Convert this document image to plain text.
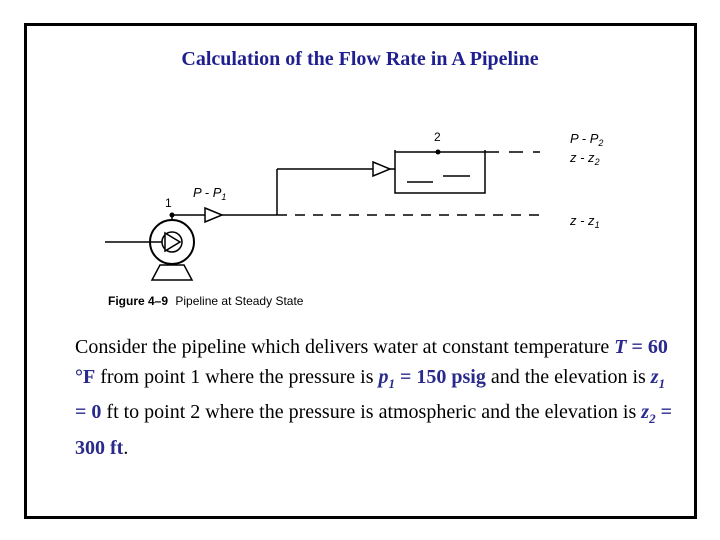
Calculation of the Flow Rate in A Pipeline
1
P - $P_1$
2	P - $P_2$
z - $z_2$
z - $z_1$
Figure 4–9 Pipeline at Steady State
Consider the pipeline which delivers water at constant temperature T = 60 °F from point 1 where the pressure is $p_1 = 150$ psig and the elevation is $z_1 = 0$ ft to point 2 where the pressure is atmospheric and the elevation is $z_2 = 300$ ft.
